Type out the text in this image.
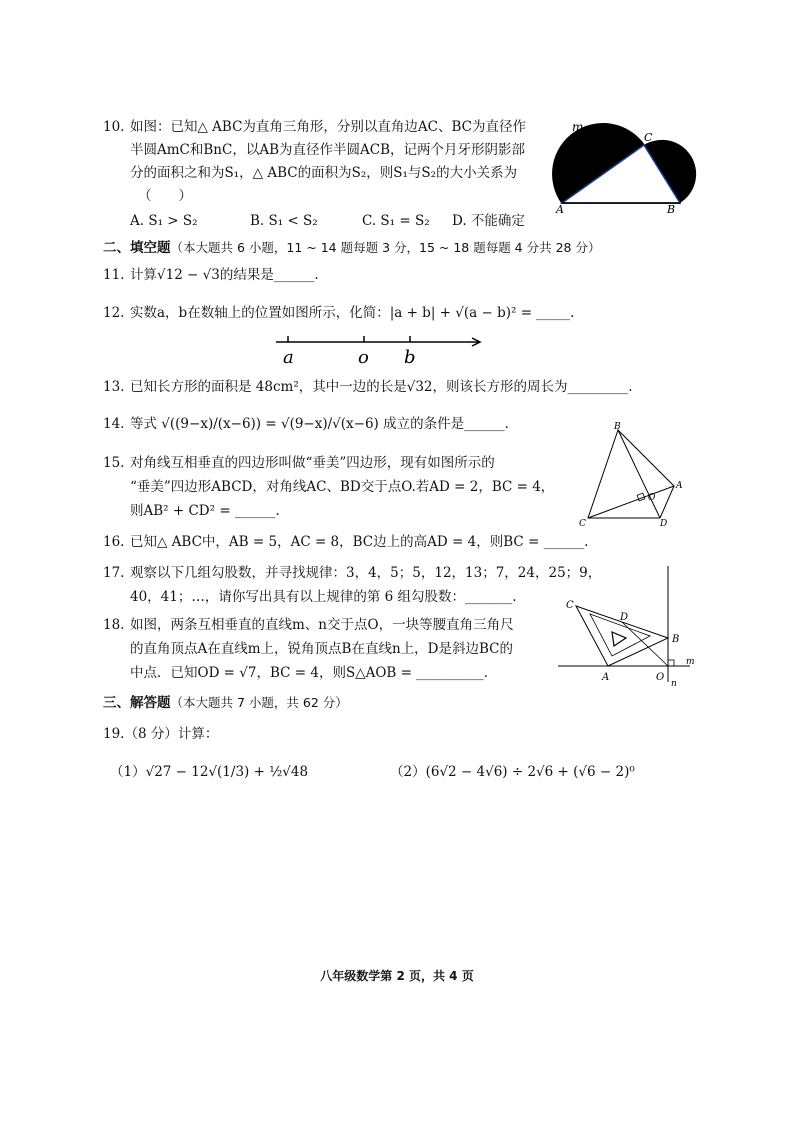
10. 如图：已知△ ABC为直角三角形，分别以直角边AC、BC为直径作
半圆AmC和BnC，以AB为直径作半圆ACB，记两个月牙形阴影部
分的面积之和为S₁，△ ABC的面积为S₂，则S₁与S₂的大小关系为
（　　）
A. S₁ > S₂	B. S₁ < S₂	C. S₁ = S₂ D. 不能确定
m
C
n
A	B
二、填空题（本大题共 6 小题，11 ~ 14 题每题 3 分，15 ~ 18 题每题 4 分共 28 分）
11. 计算√12 − √3的结果是______.
12. 实数a，b在数轴上的位置如图所示，化简：|a + b| + √(a − b)² = _____.
a	o b
13. 已知长方形的面积是 48cm²，其中一边的长是√32，则该长方形的周长为_________.
14. 等式 √((9−x)/(x−6)) = √(9−x)/√(x−6) 成立的条件是______.
15. 对角线互相垂直的四边形叫做“垂美”四边形，现有如图所示的
“垂美”四边形ABCD，对角线AC、BD交于点O.若AD = 2，BC = 4，
则AB² + CD² = ______.
B
A
O
C	D
16. 已知△ ABC中，AB = 5，AC = 8，BC边上的高AD = 4，则BC = ______.
17. 观察以下几组勾股数，并寻找规律：3，4，5；5，12，13；7，24，25；9，
40，41；…，请你写出具有以上规律的第 6 组勾股数：_______.
18. 如图，两条互相垂直的直线m、n交于点O，一块等腰直角三角尺
的直角顶点A在直线m上，锐角顶点B在直线n上，D是斜边BC的
中点．已知OD = √7，BC = 4，则S△AOB = __________.
C
D
B
m
A	O
n
三、解答题（本大题共 7 小题，共 62 分）
19.（8 分）计算：
（1）√27 − 12√(1/3) + ½√48	（2）(6√2 − 4√6) ÷ 2√6 + (√6 − 2)⁰
八年级数学第 2 页，共 4 页
